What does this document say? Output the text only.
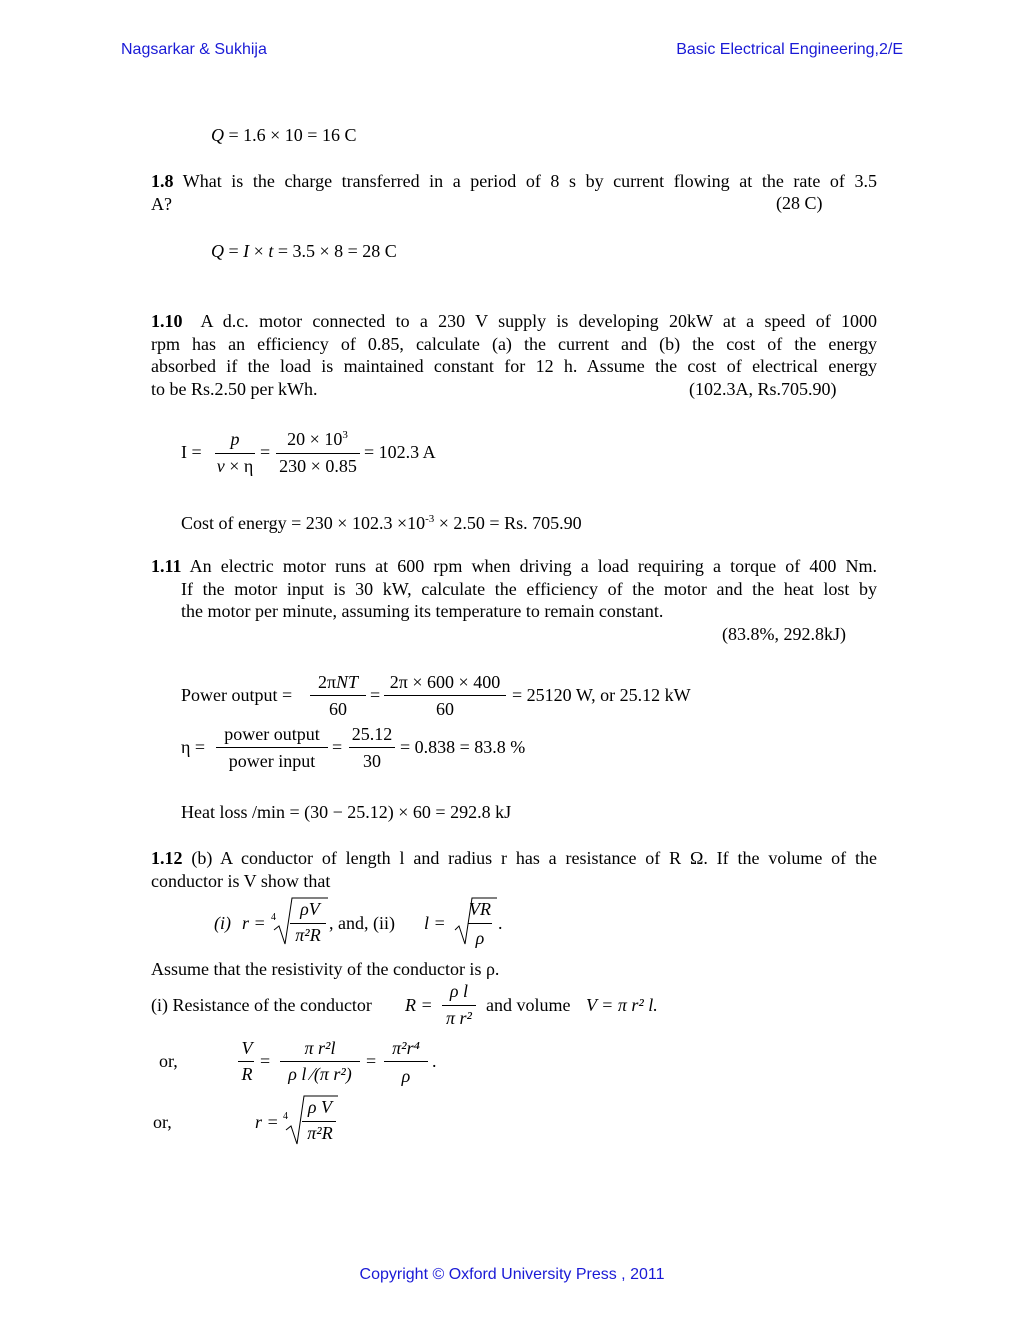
Nagsarkar & Sukhija	Basic Electrical Engineering,2/E
Q = 1.6 × 10 = 16 C
1.8 What is the charge transferred in a period of 8 s by current flowing at the rate of 3.5
A?	(28 C)
Q = I × t = 3.5 × 8 = 28 C
1.10 A d.c. motor connected to a 230 V supply is developing 20kW at a speed of 1000
rpm has an efficiency of 0.85, calculate (a) the current and (b) the cost of the energy
absorbed if the load is maintained constant for 12 h. Assume the cost of electrical energy
to be Rs.2.50 per kWh.	(102.3A, Rs.705.90)
I =
p
v × η
=
$20 \times 10^3$
230 × 0.85
= 102.3 A
Cost of energy = $230 \times 102.3 \times 10^{-3} \times 2.50 = Rs$. 705.90
1.11 An electric motor runs at 600 rpm when driving a load requiring a torque of 400 Nm.
If the motor input is 30 kW, calculate the efficiency of the motor and the heat lost by
the motor per minute, assuming its temperature to remain constant.
(83.8%, 292.8kJ)
Power output =
2πNT
60
=
2π × 600 × 400
60
= 25120 W, or 25.12 kW
η =
power output
power input
=
25.12
30
= 0.838 = 83.8 %
Heat loss /min = (30 − 25.12) × 60 = 292.8 kJ
1.12 (b) A conductor of length l and radius r has a resistance of R Ω. If the volume of the
conductor is V show that
(i) r = 4	ρV
π²R
, and, (ii) l =
VR
ρ
.
Assume that the resistivity of the conductor is ρ.
(i) Resistance of the conductor R =
ρ l
π r²
and volume V = π r² l.
or,
V
R
=
π r²l
ρ l ⁄(π r²)
=
π²r⁴
ρ
.
or,	r = 4	ρ V
π²R
Copyright © Oxford University Press , 2011
